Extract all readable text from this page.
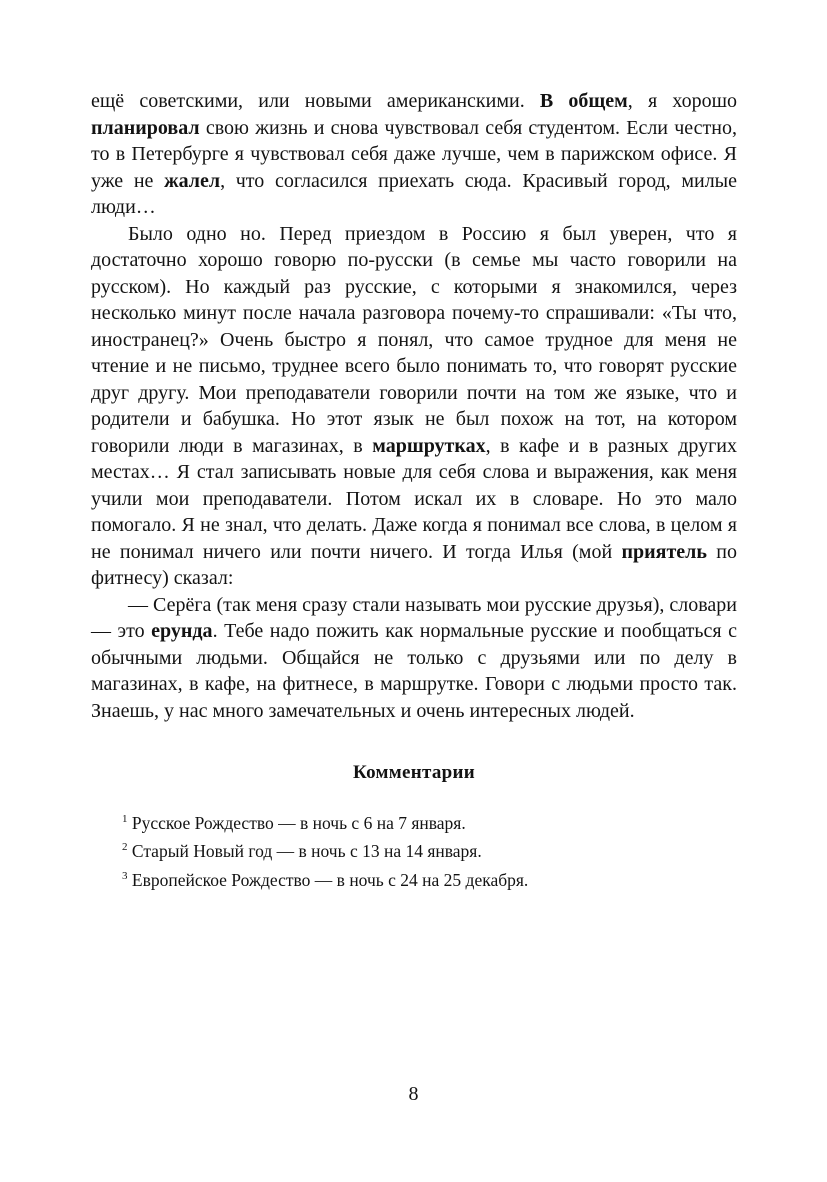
ещё советскими, или новыми американскими. В общем, я хорошо планировал свою жизнь и снова чувствовал себя студентом. Если честно, то в Петербурге я чувствовал себя даже лучше, чем в парижском офисе. Я уже не жалел, что согласился приехать сюда. Красивый город, милые люди…

Было одно но. Перед приездом в Россию я был уверен, что я достаточно хорошо говорю по-русски (в семье мы часто говорили на русском). Но каждый раз русские, с которыми я знакомился, через несколько минут после начала разговора почему-то спрашивали: «Ты что, иностранец?» Очень быстро я понял, что самое трудное для меня не чтение и не письмо, труднее всего было понимать то, что говорят русские друг другу. Мои преподаватели говорили почти на том же языке, что и родители и бабушка. Но этот язык не был похож на тот, на котором говорили люди в магазинах, в маршрутках, в кафе и в разных других местах… Я стал записывать новые для себя слова и выражения, как меня учили мои преподаватели. Потом искал их в словаре. Но это мало помогало. Я не знал, что делать. Даже когда я понимал все слова, в целом я не понимал ничего или почти ничего. И тогда Илья (мой приятель по фитнесу) сказал:

— Серёга (так меня сразу стали называть мои русские друзья), словари — это ерунда. Тебе надо пожить как нормальные русские и пообщаться с обычными людьми. Общайся не только с друзьями или по делу в магазинах, в кафе, на фитнесе, в маршрутке. Говори с людьми просто так. Знаешь, у нас много замечательных и очень интересных людей.

Комментарии

$^1$ Русское Рождество — в ночь с 6 на 7 января.

$^2$ Старый Новый год — в ночь с 13 на 14 января.

$^3$ Европейское Рождество — в ночь с 24 на 25 декабря.

8
